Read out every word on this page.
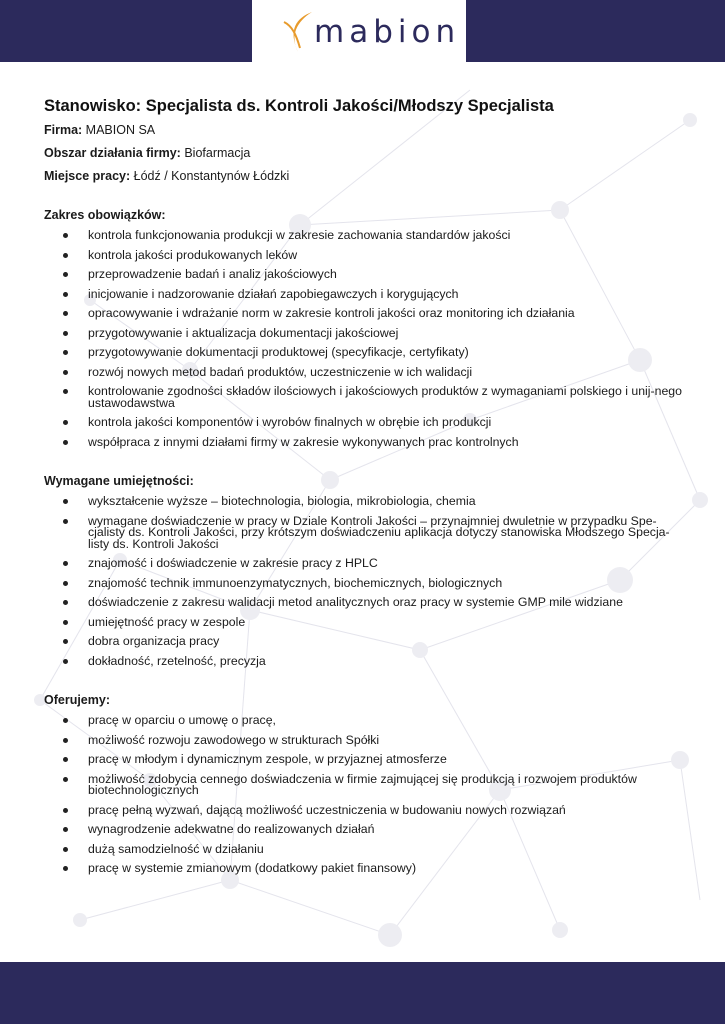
mabion
Stanowisko: Specjalista ds. Kontroli Jakości/Młodszy Specjalista

Firma: MABION SA

Obszar działania firmy: Biofarmacja

Miejsce pracy: Łódź / Konstantynów Łódzki

Zakres obowiązków:
kontrola funkcjonowania produkcji w zakresie zachowania standardów jakości
kontrola jakości produkowanych leków
przeprowadzenie badań i analiz jakościowych
inicjowanie i nadzorowanie działań zapobiegawczych i korygujących
opracowywanie i wdrażanie norm w zakresie kontroli jakości oraz monitoring ich działania
przygotowywanie i aktualizacja dokumentacji jakościowej
przygotowywanie dokumentacji produktowej (specyfikacje, certyfikaty)
rozwój nowych metod badań produktów, uczestniczenie w ich walidacji
kontrolowanie zgodności składów ilościowych i jakościowych produktów z wymaganiami polskiego i unij-nego ustawodawstwa
kontrola jakości komponentów i wyrobów finalnych w obrębie ich produkcji
współpraca z innymi działami firmy w zakresie wykonywanych prac kontrolnych
Wymagane umiejętności:
wykształcenie wyższe – biotechnologia, biologia, mikrobiologia, chemia
wymagane doświadczenie w pracy w Dziale Kontroli Jakości – przynajmniej dwuletnie w przypadku Spe-cjalisty ds. Kontroli Jakości, przy krótszym doświadczeniu aplikacja dotyczy stanowiska Młodszego Specja-listy ds. Kontroli Jakości
znajomość i doświadczenie w zakresie pracy z HPLC
znajomość technik immunoenzymatycznych, biochemicznych, biologicznych
doświadczenie z zakresu walidacji metod analitycznych oraz pracy w systemie GMP mile widziane
umiejętność pracy w zespole
dobra organizacja pracy
dokładność, rzetelność, precyzja
Oferujemy:
pracę w oparciu o umowę o pracę,
możliwość rozwoju zawodowego w strukturach Spółki
pracę w młodym i dynamicznym zespole, w przyjaznej atmosferze
możliwość zdobycia cennego doświadczenia w firmie zajmującej się produkcją i rozwojem produktów biotechnologicznych
pracę pełną wyzwań, dającą możliwość uczestniczenia w budowaniu nowych rozwiązań
wynagrodzenie adekwatne do realizowanych działań
dużą samodzielność w działaniu
pracę w systemie zmianowym (dodatkowy pakiet finansowy)
